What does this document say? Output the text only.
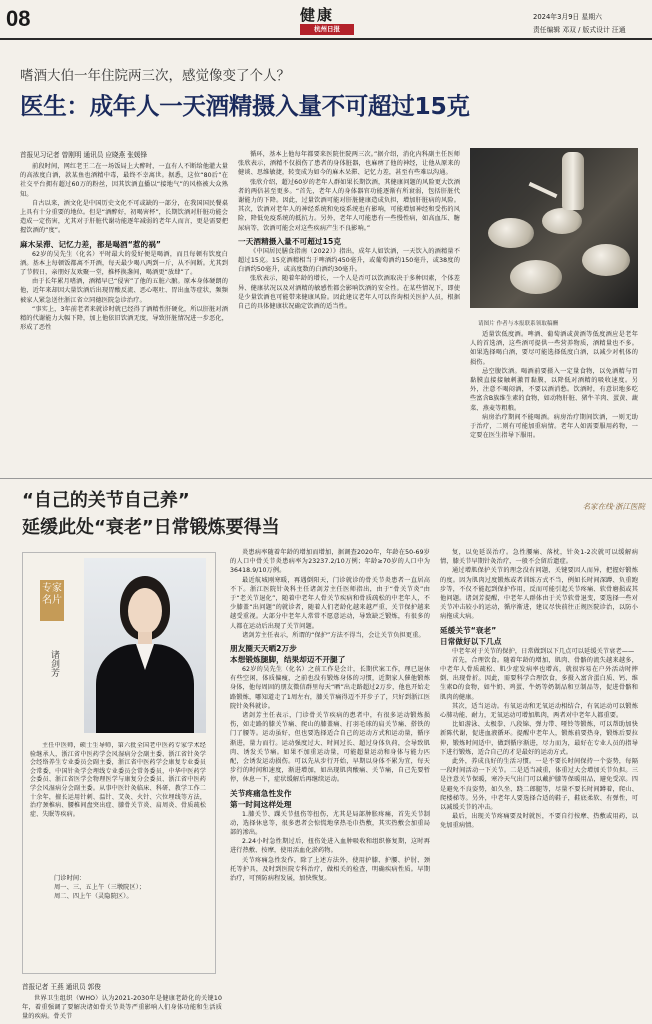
08	健康
杭州日报
2024年3月9日 星期六
责任编辑 邓双 / 版式设计 汪通
嗜酒大伯一年住院两三次，感觉像变了个人？
医生：成年人一天酒精摄入量不可超过15克
首报见习记者 曾刚明 通讯员 应晓燕 张媛锋

前段时间，网红老王二在一场饭局上大醉时，一直有人不断给他灌大量的高浓度白酒，款某鱼也酒精中毒，最终不幸离世。据悉，这位“80后”在社交平台拥有超过60万的粉丝，因其饮酒直播以“接地气”的风格被大众熟知。

自古以来，酒文化是中国历史文化不可或缺的一部分，在我国国民餐桌上具有十分重要的地位。但是“酒醉好，初喝害杯”，长期饮酒对肝脏功能会造成一定伤害，尤其对于肝脏代谢功能逐年减弱的老年人而言，更是需要把握饮酒的“度”。

麻木呆滞、记忆力差，都是喝酒“惹的祸”

62岁的吴先生（化名）平时最大的爱好便是喝酒，而且每顿有饮度白酒。基本上每顿饭都离不开酒，每天最少喝八两到一斤，从不间断。尤其到了节假日，亲朋好友欢聚一堂，推杯换盏间，喝酒更“放肆”了。

由于长年累月嗜酒，酒精早已“侵害”了他的五脏六腑。原本身体硬朗的他，近年来却因大量饮酒后出现胃酸反流、恶心呕吐、胃出血等症状，频频被家人紧急送往浙江省立同德医院急诊治疗。

“事实上，3年前老者来就诊时就已经得了酒精性肝硬化，所以肝脏对酒精的代谢能力大幅下降，加上他依旧饮酒无度，导致肝脏情况进一步恶化，形成了恶性

循环，基本上他每年都要来医院住院两三次。”据介绍，消化内科副主任医师张欣表示，酒精不仅损伤了患者的身体脏器，也麻痹了他的神经，让他从原来的健谈、思维敏捷，转变成为如今的麻木呆滞、记忆力差，甚至有些难以沟通。

张欣介绍，超过60岁的老年人群如果长期饮酒，其健康问题的风险更大饮酒者的两倍甚至更多。“首先，老年人的身体器官功能逐渐有所衰弱，包括肝脏代谢能力的下降。因此，过量饮酒可能对肝脏健康造成负担，增加肝脏病的风险。其次，饮酒对老年人的神经系统和免疫系统也有影响，可能增加神经和受伤的风险，降低免疫系统的抵抗力。另外，老年人可能患有一些慢性病，如高血压、糖尿病等，饮酒可能会对这些疾病产生不良影响。”

一天酒精摄入量不可超过15克

《中国居民膳食指南（2022）》指出，成年人如饮酒，一天饮入的酒精量不超过15克。15克酒精相当于啤酒约450毫升，或葡萄酒约150毫升，或38度的白酒约50毫升，或高度数的白酒约30毫升。

张欣表示，随着年龄的增长，一个人是否可以饮酒取决于多种因素，个体差异、健康状况以及对酒精的敏感性都会影响饮酒的安全性。在某些情况下，即使是少量饮酒也可能带来健康风险。因此建议老年人可以咨询相关医护人员，根据自己的具体健康状况确定饮酒的适当性。

请图片 作者与本报联系领取稿酬

适量饮低度酒。啤酒、葡萄酒或黄酒等低度酒应是老年人的首选酒，这些酒可提供一些营养物质，酒精量也不多。如果选择喝白酒，要尽可能选择低度白酒，以减少对机体的损伤。

忌空腹饮酒。喝酒前要摄入一定量食物，以免酒精与胃黏膜直接接触刺激胃黏膜，以降低对酒精的吸收速度。另外，注意不喝闷酒，不要以酒消愁。饮酒时，有意识地多吃些富含B族维生素的食物，如动物肝脏、猪牛羊肉、蛋黄、蔬菜、燕麦等粗粮。

病房治疗期间不能喝酒。病房治疗期间饮酒，一则无助于治疗，二则有可能加重病情。老年人如需要服用药物，一定要在医生指导下服用。

“自己的关节自己养”
延缓此处“衰老”日常锻炼要得当
名家在线·浙江医院
专家名片
诸剑芳

主任中医师，硕士生导师，第六批全国老中医药专家学术经验继承人，浙江省中医药学会风湿病分会副主委、浙江省针灸学会经络养生专业委员会副主委，浙江省中医药学会康复专业委员会常委，中国针灸学会埋线专业委员会常务委员，中华中医药学会委员、浙江省医学会物理医学与康复分会委员、浙江省中医药学会风湿病分会副主委。从事中医针灸临床、科研、教学工作二十余年，擅长运用针刺、温针、艾灸、火针、穴位埋线等方法，治疗颈椎病、腰椎间盘突出症、膝骨关节炎、肩周炎、骨质疏松症、失眠等疾病。

门诊时间：
周一、三、五上午（三墩院区）；
周二、四上午（灵隐院区）。
首报记者 王燕 通讯员 郭俊

世界卫生组织（WHO）认为2021-2030年是健康老龄化的关键10年，着重强调了要解决诸如骨关节炎等严重影响人们身体功能和生活质量的疾病。骨关节

炎患病率随着年龄的增加而增加，据调查2020年，年龄在50-69岁的人口中骨关节炎患病率为23237.2/10万例；年龄≥70岁的人口中为36418.9/10万例。

最近航城刚寒暖，再遇倒阳天，门诊就诊的骨关节炎患者一直居高不下。浙江医院针灸科主任诸剑芳主任医师指出，由于“骨关节炎”由于“老关节退化”，随着中老年人骨关节疾病和骨质疏松的中老年人，不少膝盖“出问题”的就诊者，随着人们老龄化越来越严重，关节保护越来越受重视。大部分中老年人常常不愿意运动，导致缺乏锻炼，有很多的人都在运动后出现了关节问题。

诸剑芳主任表示，所谓的“保护”方法不得当，会让关节负担更重。

朋友圈天天晒2万步
本想锻炼腿脚，结果却迈不开腿了

62岁的吴先生（化名）之前工作是会计，长期伏案工作，理已退休有些空闲，体质偏瘦，之前也没有锻炼身体的习惯，近期家人催他锻炼身体，他每周固的朋友微信群里每天“晒”出走路超过2万步，他也开始走路锻炼，哪知道走了1周左右，膝关节痛得迈不开步子了，只好到浙江医院针灸科就诊。

诸剑芳主任表示，门诊骨关节疾病的患者中，有很多运动锻炼损伤，如走路的膝关节痛、爬山的膝盖痛、打羽毛球的肩关节痛、搭铁的门了腰等。运动虽好，但也要选择适合自己的运动方式和运动量，循序渐进，量力而行。运动强度过大、时间过长、超过身体负荷，会导致肌肉、诱发关节痛。如果不加重运动量，可能超量运动和身体与能力匹配，会诱发运动损伤。可以先从步行开始，早期以身体不累为宜，每天步行的时间和速度，渐进增加，如出现肌肉酸痛、关节痛，自己先要暂停，休息一下，症状缓解后再继续运动。

关节疼痛急性发作
第一时间这样处理

1.膝关节、踝关节扭伤等扭伤，尤其是局部肿胀疼痛，首先关节制动，选择休息等，很多患者会惊慌地拿热毛巾热敷，其实热敷会加重局部的渗出。

2.24小时急性期过后，扭伤处进入血肿吸收和组织修复期，这时再进行热敷、按摩，使用活血化淤药物。

关节疼痛急性发作，除了上述方法外，使用护膝、护腰、护肘、颈托等护具，及时到医院专科治疗，做相关的检查，明确疾病性质。早期治疗，可预防病程发展，加快恢复。

复，以免延误治疗。急性腰痛、落枕，针灸1-2次就可以缓解病情，膝关节早期针灸治疗，一般不会留后遗症。

通过增肌保护关节的理念没有问题，关键要因人而异，把握好锻炼的度。因为肌肉过度锻炼或者训练方式不当，例如长时间深蹲、负重跑步等，不仅不能起到保护作用，反而可能引起关节疼痛、软骨磨损或其他问题。诸剑芳提醒，中老年人群体由于关节软骨退变，要选择一些对关节冲击较小的运动，循序渐进，建议尽快前往正规医院诊治，以防小病拖成大病。

延缓关节“衰老”
日常做好以下几点

中老年对于关节的保护，日常做到以下几点可以延缓关节衰老——

首先，合理饮食。随着年龄的增加，肌肉、骨骼的流失越来越多，中老年人骨质疏松、肌少症发病率也增高，就很容易在户外活动时摔倒、出现骨折。因此，需要科学合理饮食，多摄入富含蛋白质、钙、维生素D的食物，如牛奶、鸡蛋、牛奶等奶制品和豆制品等，促进骨骼和肌肉的健康。

其次，适当运动。有氧运动和无氧运动相结合，有氧运动可以锻炼心肺功能、耐力，无氧运动可增加肌肉，两者对中老年人都重要。

比如游泳、太极拳、八段锦、弹力带、哑铃等锻炼，可以帮助加快新陈代谢，促进血液循环。提醒中老年人，锻炼前要热身，锻炼后要拉伸，锻炼时间适中，做到循序渐进，尽力而为，最好在专业人员的指导下进行锻炼，适合自己的才是最好的运动方式。

此外，养成良好的生活习惯。一是不要长时间保持一个姿势，每隔一段时间活动一下关节。二是适当减重，体重过大会增加关节负担。三是注意关节保暖，寒冷天气出门可以戴护膝等保暖用品，避免受凉。四是避免不良姿势，如久坐、跷二郎腿等，尽量不要长时间蹲着，爬山、爬楼梯等。另外，中老年人要选择合适的鞋子，鞋底柔软、有弹性，可以减缓关节的冲击。

最后，出现关节疼痛要及时就医，不要自行按摩、热敷或用药，以免加重病情。
